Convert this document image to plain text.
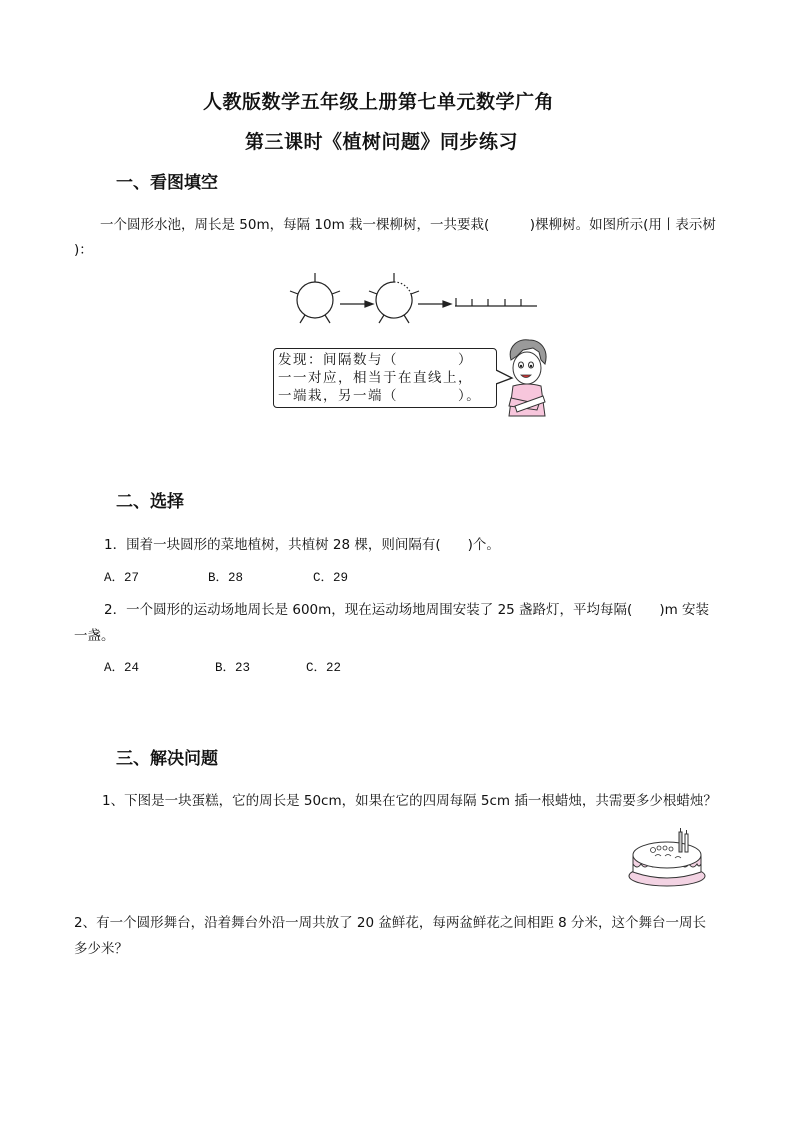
人教版数学五年级上册第七单元数学广角
第三课时《植树问题》同步练习
一、看图填空
一个圆形水池，周长是 50m，每隔 10m 栽一棵柳树，一共要栽(　　　)棵柳树。如图所示(用丨表示树
)：
发现：间隔数与（　　　　）
一一对应，相当于在直线上，
一端栽，另一端（　　　　）。
二、选择
1．围着一块圆形的菜地植树，共植树 28 棵，则间隔有(　　)个。
A．27	B．28	C．29
2．一个圆形的运动场地周长是 600m，现在运动场地周围安装了 25 盏路灯，平均每隔(　　)m 安装
一盏。
A．24	B．23	C．22
三、解决问题
1、下图是一块蛋糕，它的周长是 50cm，如果在它的四周每隔 5cm 插一根蜡烛，共需要多少根蜡烛？
2、有一个圆形舞台，沿着舞台外沿一周共放了 20 盆鲜花，每两盆鲜花之间相距 8 分米，这个舞台一周长
多少米？
